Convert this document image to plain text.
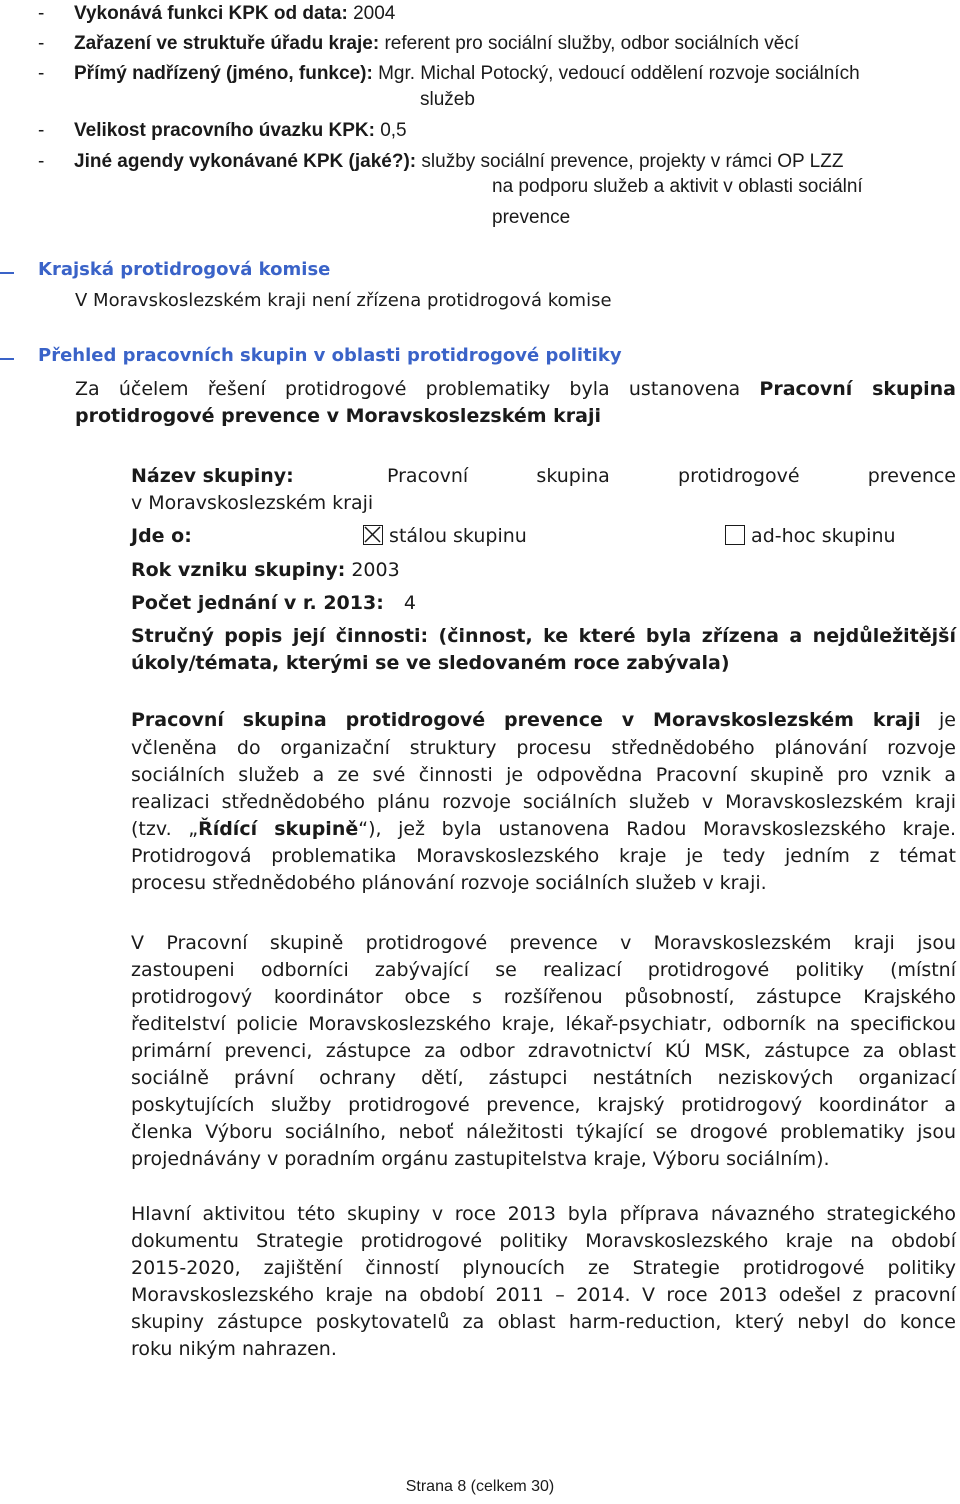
- Vykonává funkci KPK od data: 2004
- Zařazení ve struktuře úřadu kraje: referent pro sociální služby, odbor sociálních věcí
- Přímý nadřízený (jméno, funkce): Mgr. Michal Potocký, vedoucí oddělení rozvoje sociálních
služeb
- Velikost pracovního úvazku KPK: 0,5
- Jiné agendy vykonávané KPK (jaké?): služby sociální prevence, projekty v rámci OP LZZ
na podporu služeb a aktivit v oblasti sociální
prevence
Krajská protidrogová komise
V Moravskoslezském kraji není zřízena protidrogová komise
Přehled pracovních skupin v oblasti protidrogové politiky
Za účelem řešení protidrogové problematiky byla ustanovena Pracovní skupina
protidrogové prevence v Moravskoslezském kraji
Název skupiny:	Pracovní skupina protidrogové prevence
v Moravskoslezském kraji
Jde o:	stálou skupinu	ad-hoc skupinu
Rok vzniku skupiny: 2003
Počet jednání v r. 2013: 4
Stručný popis její činnosti: (činnost, ke které byla zřízena a nejdůležitější
úkoly/témata, kterými se ve sledovaném roce zabývala)
Pracovní skupina protidrogové prevence v Moravskoslezském kraji je
včleněna do organizační struktury procesu střednědobého plánování rozvoje
sociálních služeb a ze své činnosti je odpovědna Pracovní skupině pro vznik a
realizaci střednědobého plánu rozvoje sociálních služeb v Moravskoslezském kraji
(tzv. „Řídící skupině“), jež byla ustanovena Radou Moravskoslezského kraje.
Protidrogová problematika Moravskoslezského kraje je tedy jedním z témat
procesu střednědobého plánování rozvoje sociálních služeb v kraji.
V Pracovní skupině protidrogové prevence v Moravskoslezském kraji jsou
zastoupeni odborníci zabývající se realizací protidrogové politiky (místní
protidrogový koordinátor obce s rozšířenou působností, zástupce Krajského
ředitelství policie Moravskoslezského kraje, lékař-psychiatr, odborník na specifickou
primární prevenci, zástupce za odbor zdravotnictví KÚ MSK, zástupce za oblast
sociálně právní ochrany dětí, zástupci nestátních neziskových organizací
poskytujících služby protidrogové prevence, krajský protidrogový koordinátor a
členka Výboru sociálního, neboť náležitosti týkající se drogové problematiky jsou
projednávány v poradním orgánu zastupitelstva kraje, Výboru sociálním).
Hlavní aktivitou této skupiny v roce 2013 byla příprava návazného strategického
dokumentu Strategie protidrogové politiky Moravskoslezského kraje na období
2015-2020, zajištění činností plynoucích ze Strategie protidrogové politiky
Moravskoslezského kraje na období 2011 – 2014. V roce 2013 odešel z pracovní
skupiny zástupce poskytovatelů za oblast harm-reduction, který nebyl do konce
roku nikým nahrazen.
Strana 8 (celkem 30)
